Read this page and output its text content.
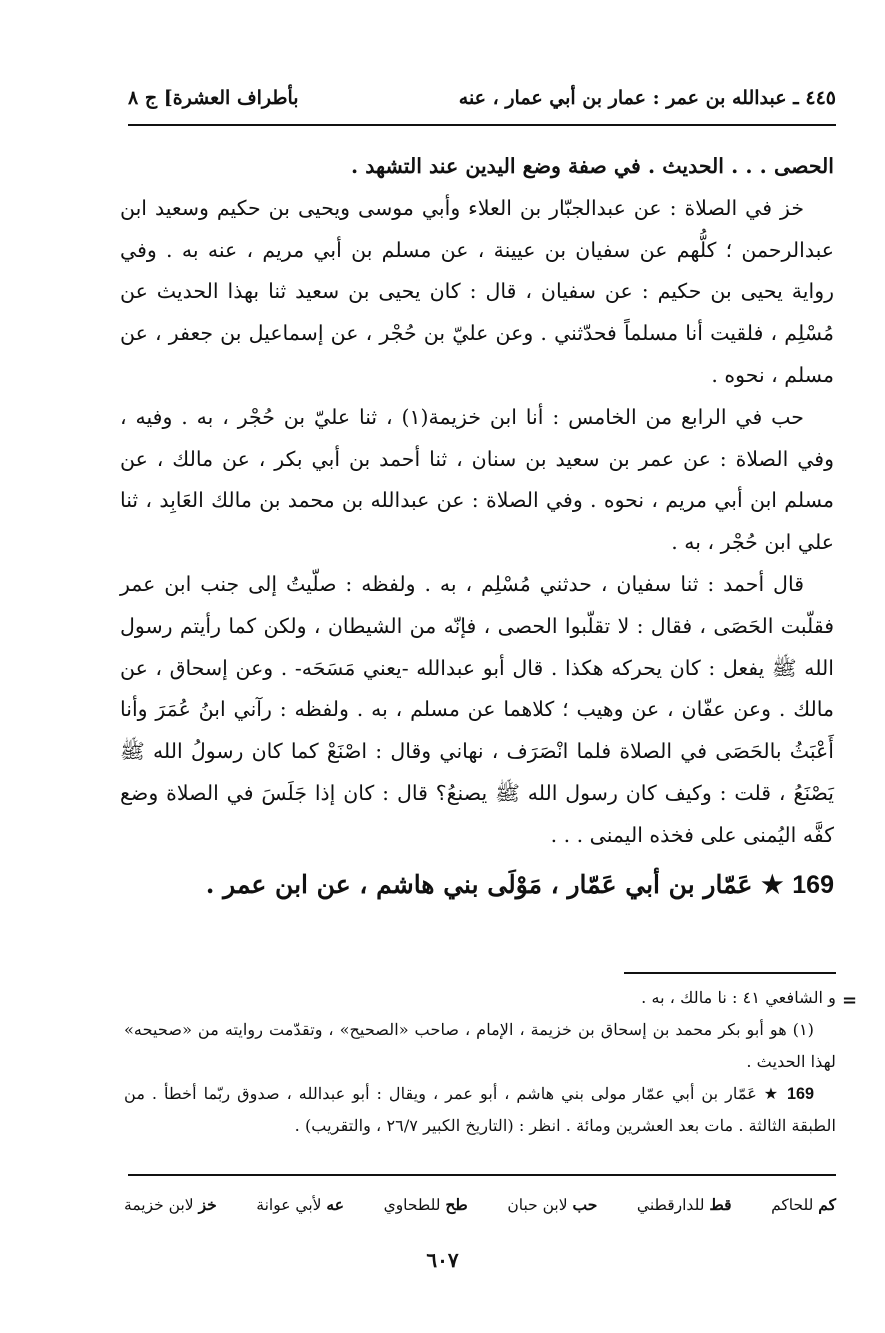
بأطراف العشرة] ج ٨	٤٤٥ ـ عبدالله بن عمر : عمار بن أبي عمار ، عنه

الحصى . . . الحديث . في صفة وضع اليدين عند التشهد .

خز في الصلاة : عن عبدالجبّار بن العلاء وأبي موسى ويحيى بن حكيم وسعيد ابن عبدالرحمن ؛ كلُّهم عن سفيان بن عيينة ، عن مسلم بن أبي مريم ، عنه به . وفي رواية يحيى بن حكيم : عن سفيان ، قال : كان يحيى بن سعيد ثنا بهذا الحديث عن مُسْلِم ، فلقيت أنا مسلماً فحدّثني . وعن عليّ بن حُجْر ، عن إسماعيل بن جعفر ، عن مسلم ، نحوه .

حب في الرابع من الخامس : أنا ابن خزيمة(١) ، ثنا عليّ بن حُجْر ، به . وفيه ، وفي الصلاة : عن عمر بن سعيد بن سنان ، ثنا أحمد بن أبي بكر ، عن مالك ، عن مسلم ابن أبي مريم ، نحوه . وفي الصلاة : عن عبدالله بن محمد بن مالك العَابِد ، ثنا علي ابن حُجْر ، به .

قال أحمد : ثنا سفيان ، حدثني مُسْلِم ، به . ولفظه : صلّيتُ إلى جنب ابن عمر فقلّبت الحَصَى ، فقال : لا تقلّبوا الحصى ، فإنّه من الشيطان ، ولكن كما رأيتم رسول الله ﷺ يفعل : كان يحركه هكذا . قال أبو عبدالله -يعني مَسَحَه- . وعن إسحاق ، عن مالك . وعن عفّان ، عن وهيب ؛ كلاهما عن مسلم ، به . ولفظه : رآني ابنُ عُمَرَ وأنا أَعْبَثُ بالحَصَى في الصلاة فلما انْصَرَف ، نهاني وقال : اصْنَعْ كما كان رسولُ الله ﷺ يَصْنَعُ ، قلت : وكيف كان رسول الله ﷺ يصنعُ؟ قال : كان إذا جَلَسَ في الصلاة وضع كفَّه اليُمنى على فخذه اليمنى . . .

169 ★ عَمّار بن أبي عَمّار ، مَوْلَى بني هاشم ، عن ابن عمر .

=

و الشافعي ٤١ : نا مالك ، به .

(١) هو أبو بكر محمد بن إسحاق بن خزيمة ، الإمام ، صاحب «الصحيح» ، وتقدّمت روايته من «صحيحه» لهذا الحديث .

169 ★ عَمّار بن أبي عمّار مولى بني هاشم ، أبو عمر ، ويقال : أبو عبدالله ، صدوق ربّما أخطأ . من الطبقة الثالثة . مات بعد العشرين ومائة . انظر : (التاريخ الكبير ٢٦/٧ ، والتقريب) .

خز لابن خزيمة	عه لأبي عوانة	طح للطحاوي	حب لابن حبان	قط للدارقطني	كم للحاكم
٦٠٧
